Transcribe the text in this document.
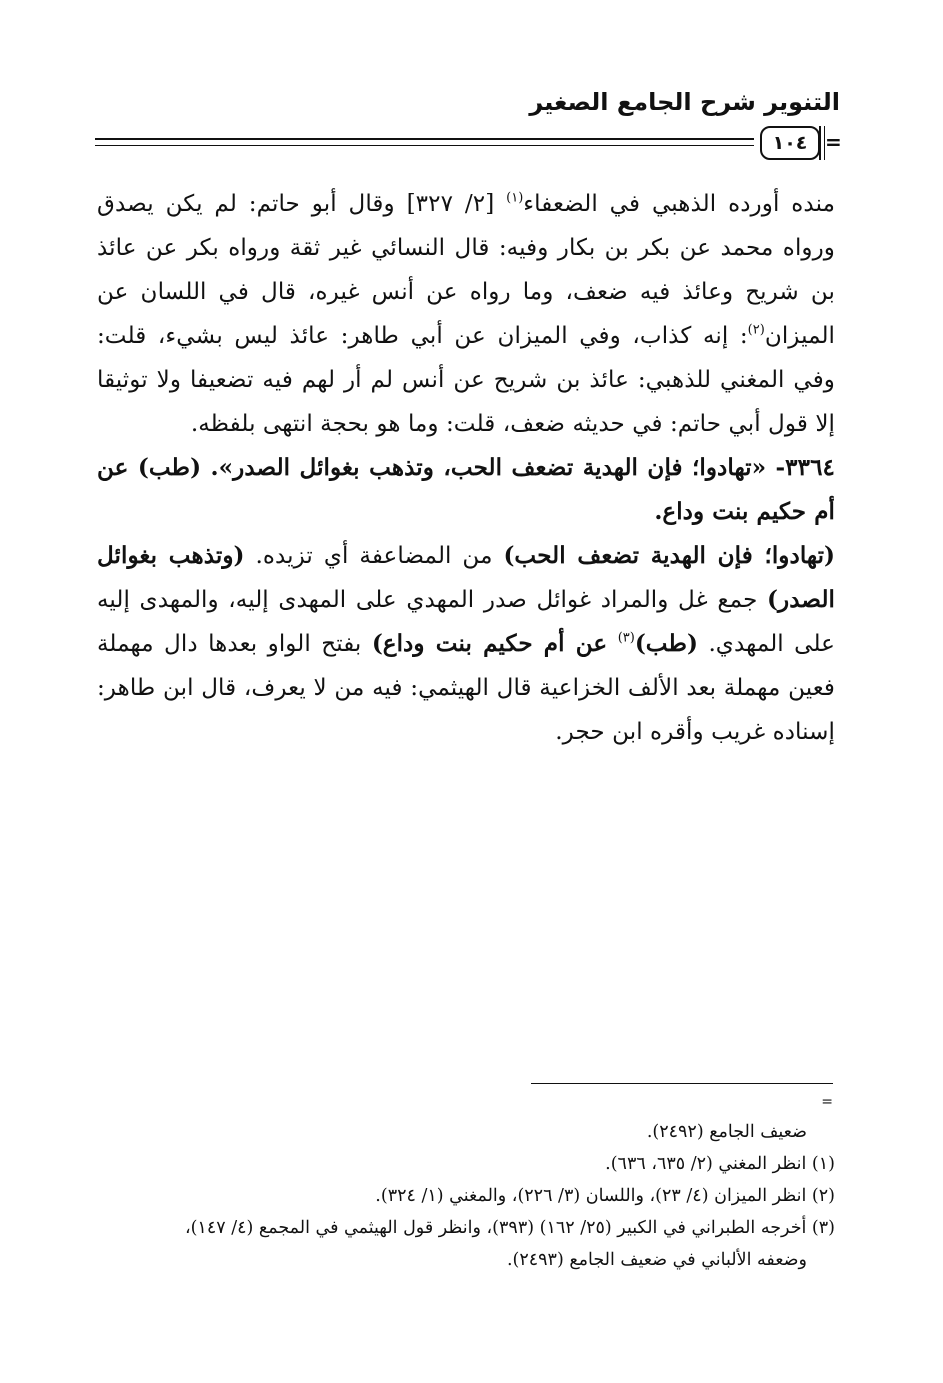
التنوير شرح الجامع الصغير
١٠٤ =

منده أورده الذهبي في الضعفاء$^{(١)}$ [٢/ ٣٢٧] وقال أبو حاتم: لم يكن يصدق ورواه محمد عن بكر بن بكار وفيه: قال النسائي غير ثقة ورواه بكر عن عائذ بن شريح وعائذ فيه ضعف، وما رواه عن أنس غيره، قال في اللسان عن الميزان$^{(٢)}$: إنه كذاب، وفي الميزان عن أبي طاهر: عائذ ليس بشيء، قلت: وفي المغني للذهبي: عائذ بن شريح عن أنس لم أر لهم فيه تضعيفا ولا توثيقا إلا قول أبي حاتم: في حديثه ضعف، قلت: وما هو بحجة انتهى بلفظه.

٣٣٦٤- «تهادوا؛ فإن الهدية تضعف الحب، وتذهب بغوائل الصدر». (طب) عن أم حكيم بنت وداع.

(تهادوا؛ فإن الهدية تضعف الحب) من المضاعفة أي تزيده. (وتذهب بغوائل الصدر) جمع غل والمراد غوائل صدر المهدي على المهدى إليه، والمهدى إليه على المهدي. (طب)$^{(٣)}$ عن أم حكيم بنت وداع) بفتح الواو بعدها دال مهملة فعين مهملة بعد الألف الخزاعية قال الهيثمي: فيه من لا يعرف، قال ابن طاهر: إسناده غريب وأقره ابن حجر.

=

ضعيف الجامع (٢٤٩٢).

(١) انظر المغني (٢/ ٦٣٥، ٦٣٦).

(٢) انظر الميزان (٤/ ٢٣)، واللسان (٣/ ٢٢٦)، والمغني (١/ ٣٢٤).

(٣) أخرجه الطبراني في الكبير (٢٥/ ١٦٢) (٣٩٣)، وانظر قول الهيثمي في المجمع (٤/ ١٤٧)،

وضعفه الألباني في ضعيف الجامع (٢٤٩٣).
